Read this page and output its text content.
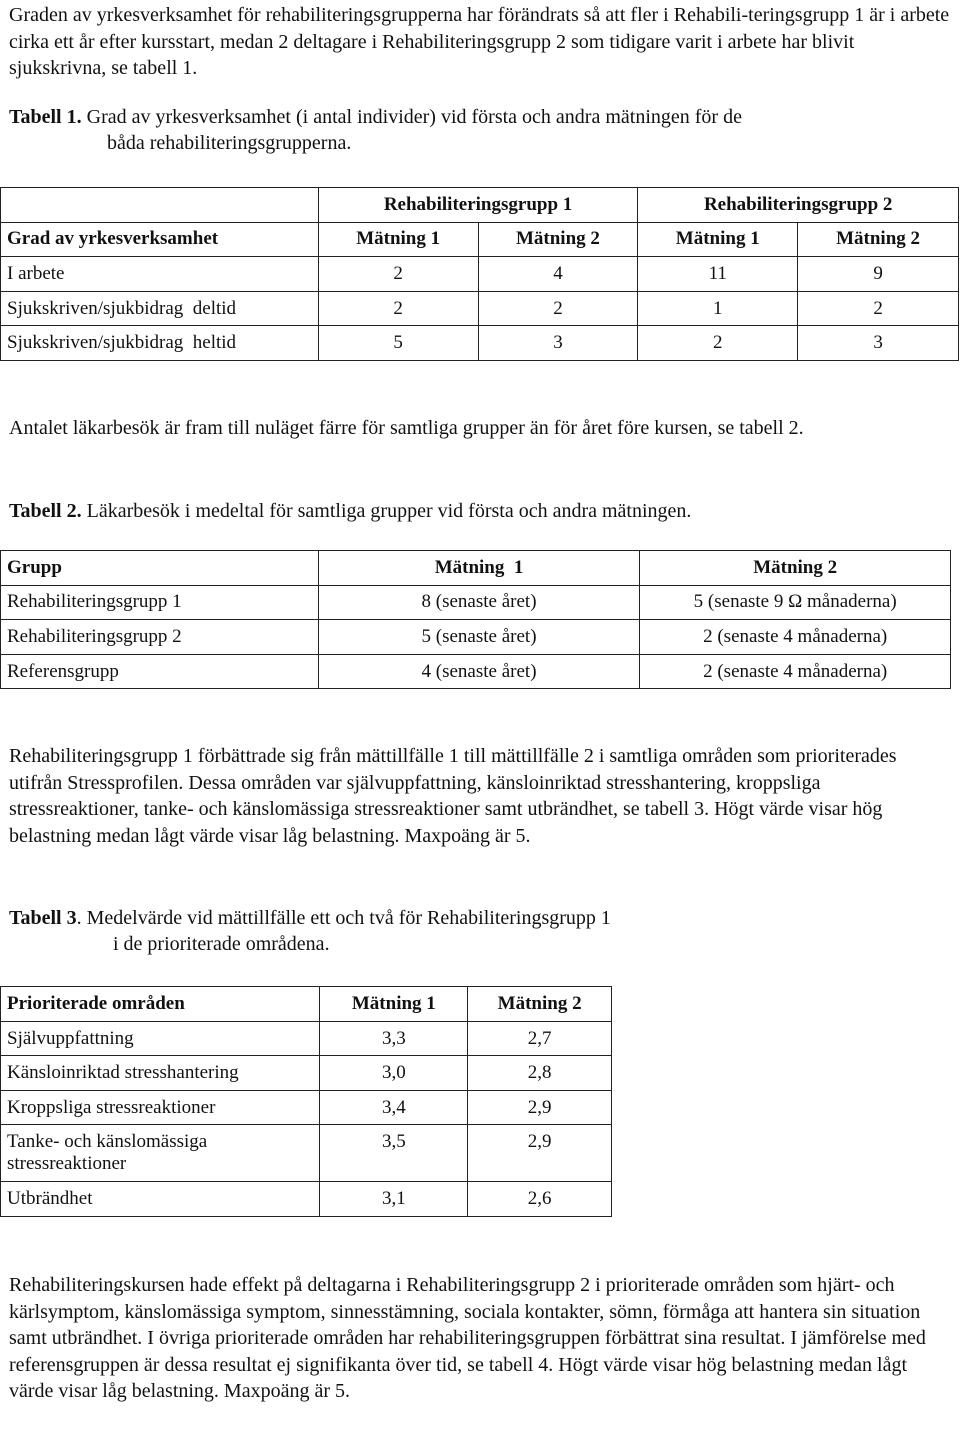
Graden av yrkesverksamhet för rehabiliteringsgrupperna har förändrats så att fler i Rehabili-teringsgrupp 1 är i arbete cirka ett år efter kursstart, medan 2 deltagare i Rehabiliteringsgrupp 2 som tidigare varit i arbete har blivit sjukskrivna, se tabell 1.

Tabell 1. Grad av yrkesverksamhet (i antal individer) vid första och andra mätningen för de
båda rehabiliteringsgrupperna.
	Rehabiliteringsgrupp 1		Rehabiliteringsgrupp 2	
Grad av yrkesverksamhet	Mätning 1	Mätning 2	Mätning 1	Mätning 2
I arbete	2	4	11	9
Sjukskriven/sjukbidrag  deltid	2	2	1	2
Sjukskriven/sjukbidrag  heltid	5	3	2	3

Antalet läkarbesök är fram till nuläget färre för samtliga grupper än för året före kursen, se tabell 2.

Tabell 2. Läkarbesök i medeltal för samtliga grupper vid första och andra mätningen.
Grupp	Mätning  1	Mätning 2
Rehabiliteringsgrupp 1	8 (senaste året)	5 (senaste 9 Ω månaderna)
Rehabiliteringsgrupp 2	5 (senaste året)	2 (senaste 4 månaderna)
Referensgrupp	4 (senaste året)	2 (senaste 4 månaderna)

Rehabiliteringsgrupp 1 förbättrade sig från mättillfälle 1 till mättillfälle 2 i samtliga områden som prioriterades utifrån Stressprofilen. Dessa områden var självuppfattning, känsloinriktad stresshantering, kroppsliga stressreaktioner, tanke- och känslomässiga stressreaktioner samt utbrändhet, se tabell 3. Högt värde visar hög belastning medan lågt värde visar låg belastning. Maxpoäng är 5.

Tabell 3. Medelvärde vid mättillfälle ett och två för Rehabiliteringsgrupp 1
i de prioriterade områdena.
Prioriterade områden	Mätning 1	Mätning 2
Självuppfattning	3,3	2,7
Känsloinriktad stresshantering	3,0	2,8
Kroppsliga stressreaktioner	3,4	2,9
Tanke- och känslomässiga stressreaktioner	3,5	2,9
Utbrändhet	3,1	2,6

Rehabiliteringskursen hade effekt på deltagarna i Rehabiliteringsgrupp 2 i prioriterade områden som hjärt- och kärlsymptom, känslomässiga symptom, sinnesstämning, sociala kontakter, sömn, förmåga att hantera sin situation samt utbrändhet. I övriga prioriterade områden har rehabiliteringsgruppen förbättrat sina resultat. I jämförelse med referensgruppen är dessa resultat ej signifikanta över tid, se tabell 4. Högt värde visar hög belastning medan lågt värde visar låg belastning. Maxpoäng är 5.
